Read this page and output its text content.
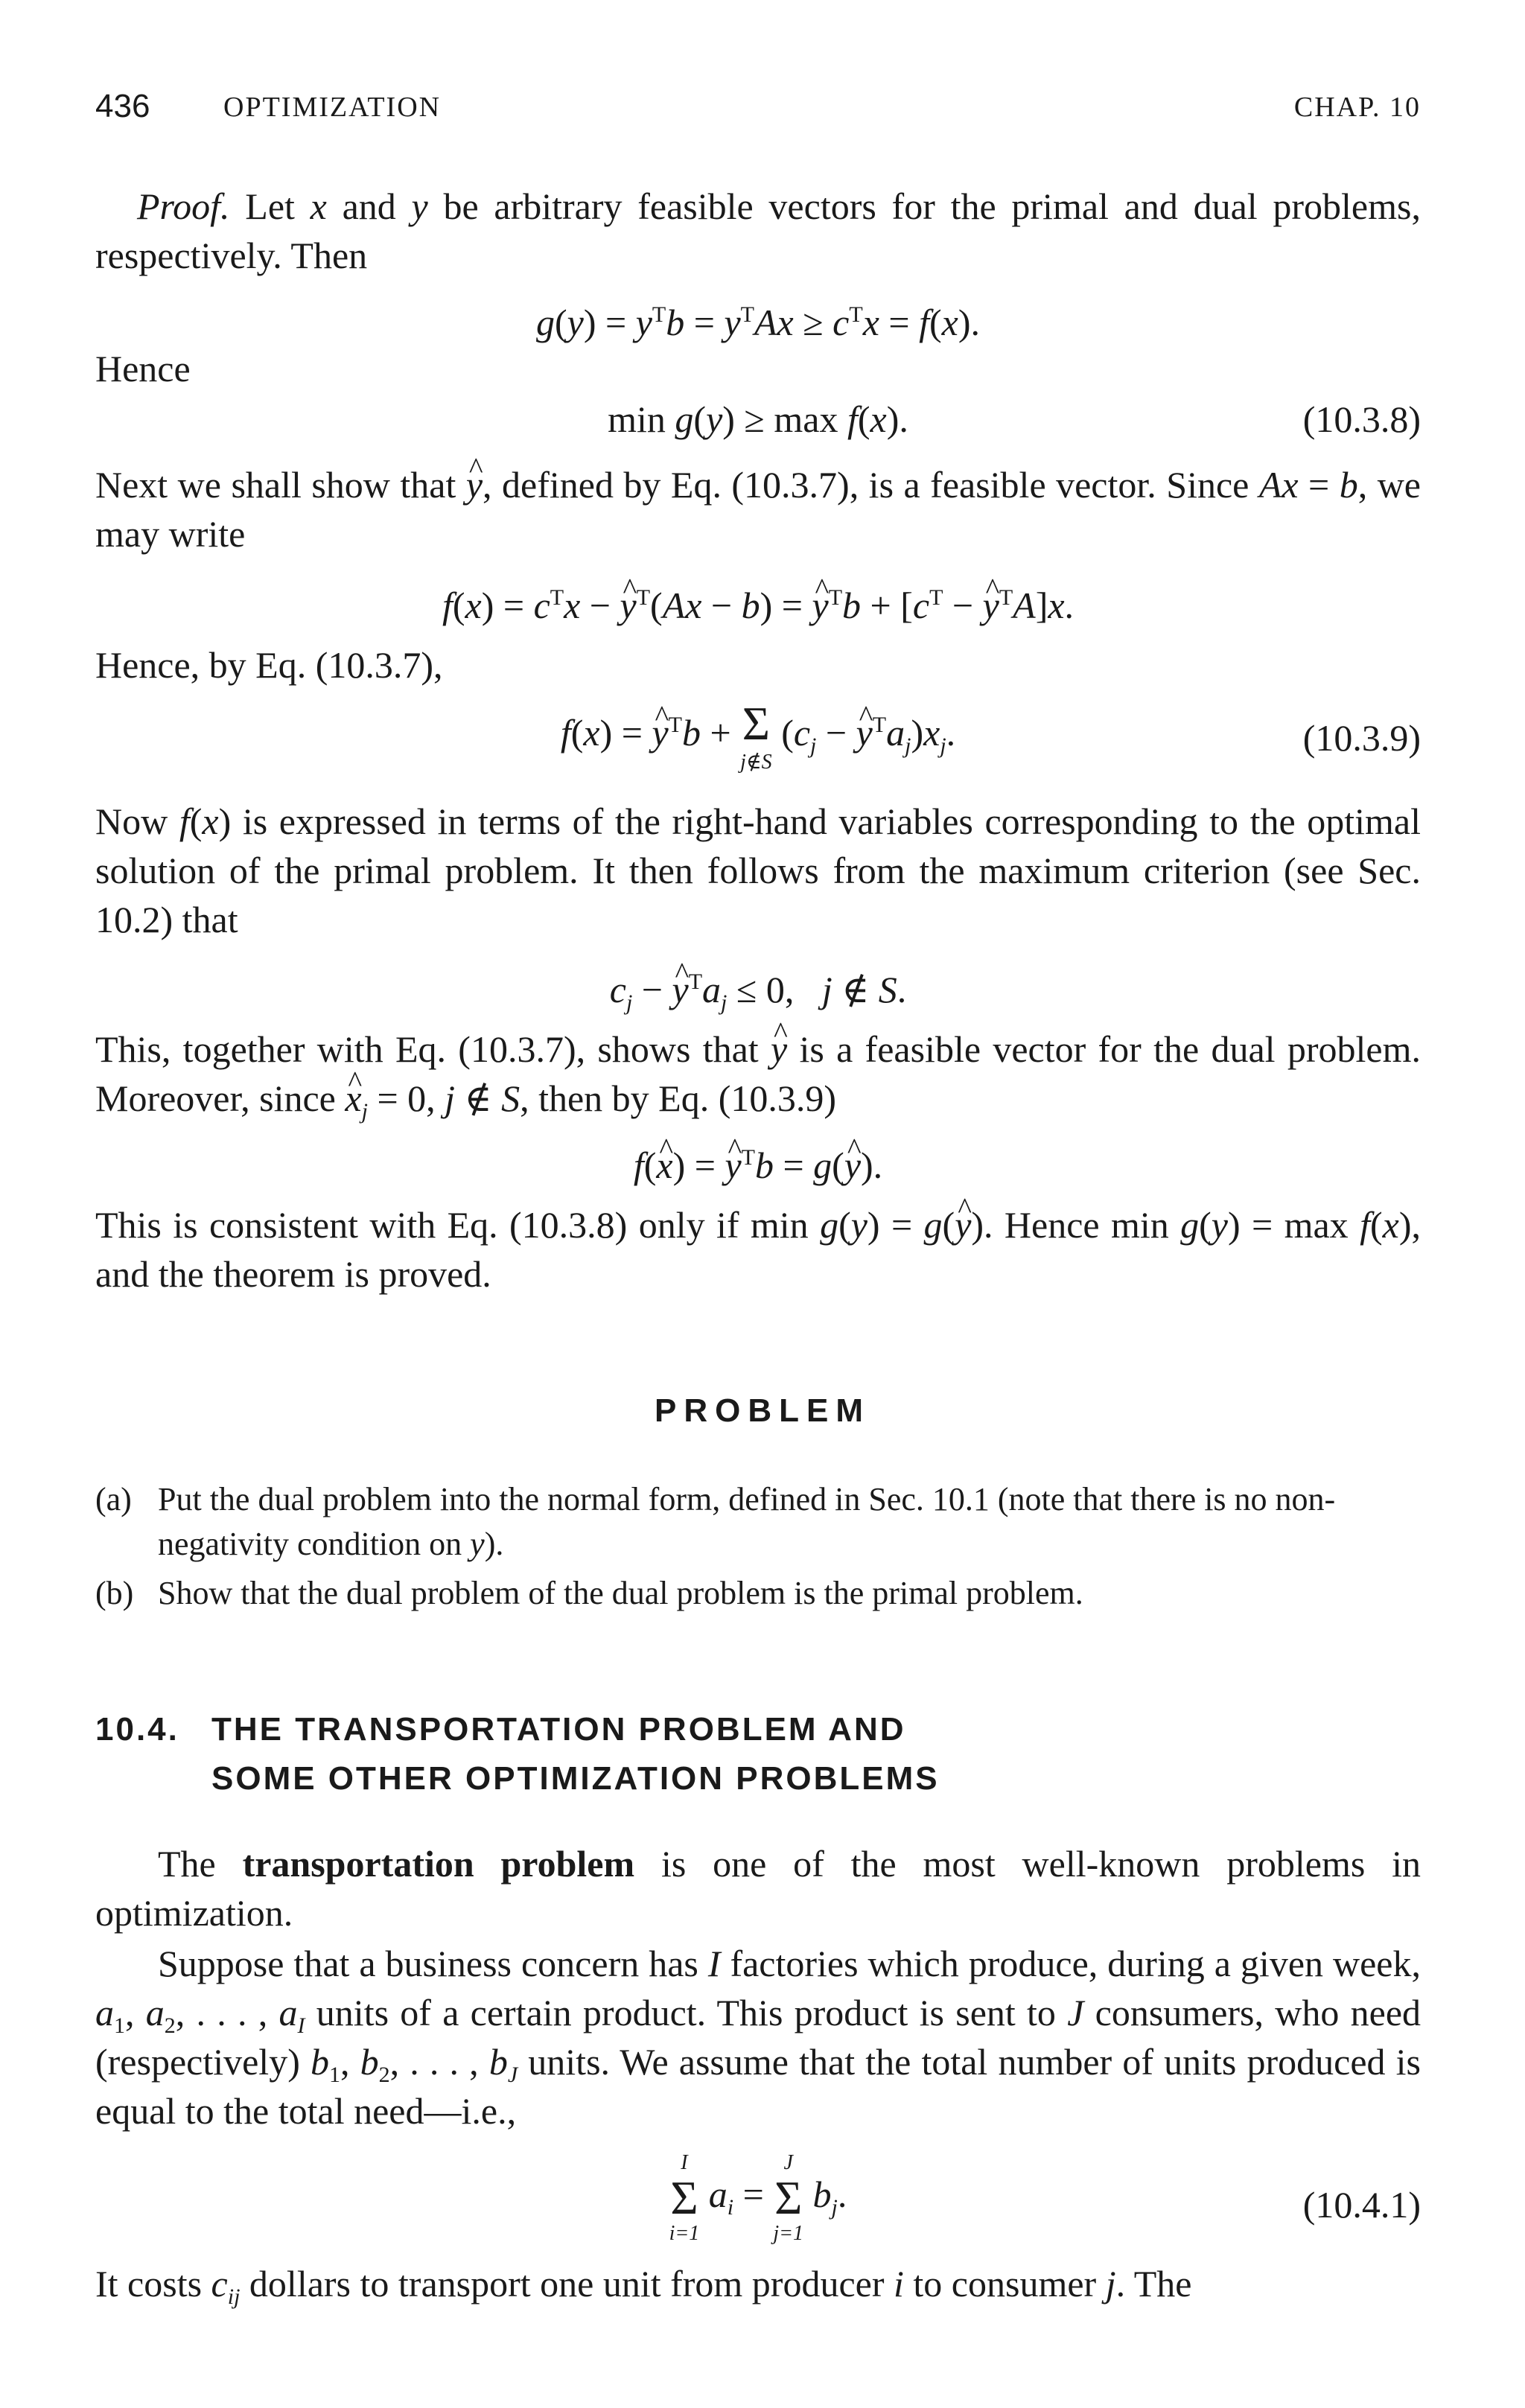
436	OPTIMIZATION	CHAP. 10
Proof. Let x and y be arbitrary feasible vectors for the primal and dual problems, respectively. Then
$g(y) = y^Tb = y^TAx \ge c^Tx = f(x)$.
Hence
min g(y) ≥ max f(x).	(10.3.8)
Next we shall show that ^ y, defined by Eq. (10.3.7), is a feasible vector. Since Ax = b, we may write
$f(x) = c^Tx$ − ^ $y^T(Ax - b)$ = ^ $y^Tb + [c^T$ − ^ $y^TA]x$.
Hence, by Eq. (10.3.7),
f(x) = ^ $y^Tb + \Sigma$
j∉S
($c_j$ − ^ $y^Ta_j)x_j$.	(10.3.9)
Now f(x) is expressed in terms of the right-hand variables corresponding to the optimal solution of the primal problem. It then follows from the maximum criterion (see Sec. 10.2) that
$c_j$ − ^ $y^Ta_j \le 0$,   j ∉ S.
This, together with Eq. (10.3.7), shows that ^ y is a feasible vector for the dual problem. Moreover, since ^ $x_j = 0$, j ∉ S, then by Eq. (10.3.9)
f(^ x) = ^ $y^Tb$ = g(^ y).
This is consistent with Eq. (10.3.8) only if min g(y) = g(^ y). Hence min g(y) = max f(x), and the theorem is proved.
PROBLEM
(a) Put the dual problem into the normal form, defined in Sec. 10.1 (note that there is no non-negativity condition on y).
(b) Show that the dual problem of the dual problem is the primal problem.
10.4. THE TRANSPORTATION PROBLEM AND
SOME OTHER OPTIMIZATION PROBLEMS
The transportation problem is one of the most well-known problems in optimization.
Suppose that a business concern has I factories which produce, during a given week, $a_1$, $a_2$, . . . , $a_I$ units of a certain product. This product is sent to J consumers, who need (respectively) $b_1$, $b_2$, . . . , $b_J$ units. We assume that the total number of units produced is equal to the total need—i.e.,
I
Σ
i=1
$a_i$ =
J
Σ
j=1
$b_j$.	(10.4.1)
It costs $c_{ij}$ dollars to transport one unit from producer i to consumer j. The
